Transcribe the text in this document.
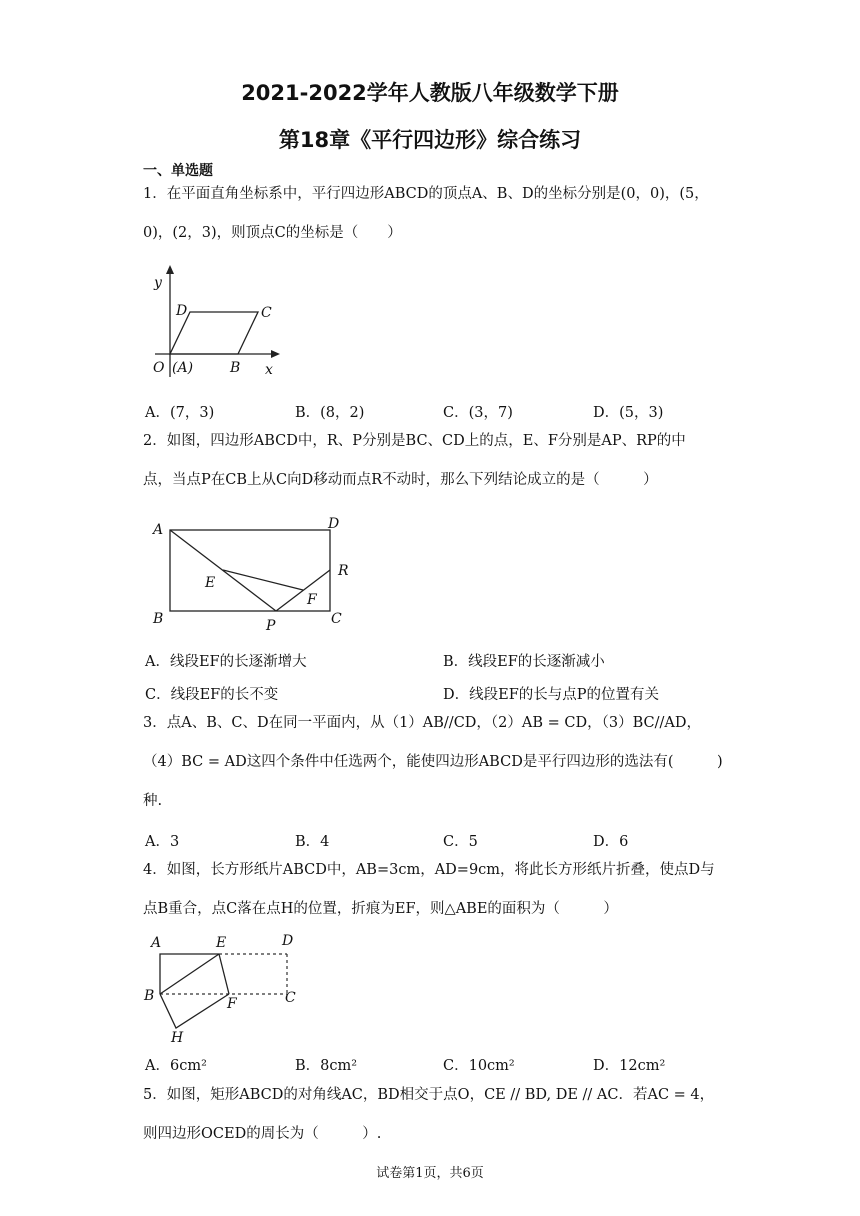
2021-2022学年人教版八年级数学下册
第18章《平行四边形》综合练习
一、单选题
1．在平面直角坐标系中，平行四边形ABCD的顶点A、B、D的坐标分别是(0，0)，(5，
0)，(2，3)，则顶点C的坐标是（　　）
y
D	C
O (A)	B x
A．(7，3)	B．(8，2)	C．(3，7)	D．(5，3)
2．如图，四边形ABCD中，R、P分别是BC、CD上的点，E、F分别是AP、RP的中
点，当点P在CB上从C向D移动而点R不动时，那么下列结论成立的是（　　　）
A	D
R
E
F
B	P	C
A．线段EF的长逐渐增大	B．线段EF的长逐渐减小
C．线段EF的长不变	D．线段EF的长与点P的位置有关
3．点A、B、C、D在同一平面内，从（1）AB//CD，（2）AB = CD，（3）BC//AD，
（4）BC = AD这四个条件中任选两个，能使四边形ABCD是平行四边形的选法有(　　　)
种.
A．3	B．4	C．5	D．6
4．如图，长方形纸片ABCD中，AB=3cm，AD=9cm，将此长方形纸片折叠，使点D与
点B重合，点C落在点H的位置，折痕为EF，则△ABE的面积为（　　　）
A	E	D
B	F	C
H
A．6cm²	B．8cm²	C．10cm²	D．12cm²
5．如图，矩形ABCD的对角线AC，BD相交于点O，CE // BD, DE // AC．若AC = 4，
则四边形OCED的周长为（　　　）.
试卷第1页，共6页
